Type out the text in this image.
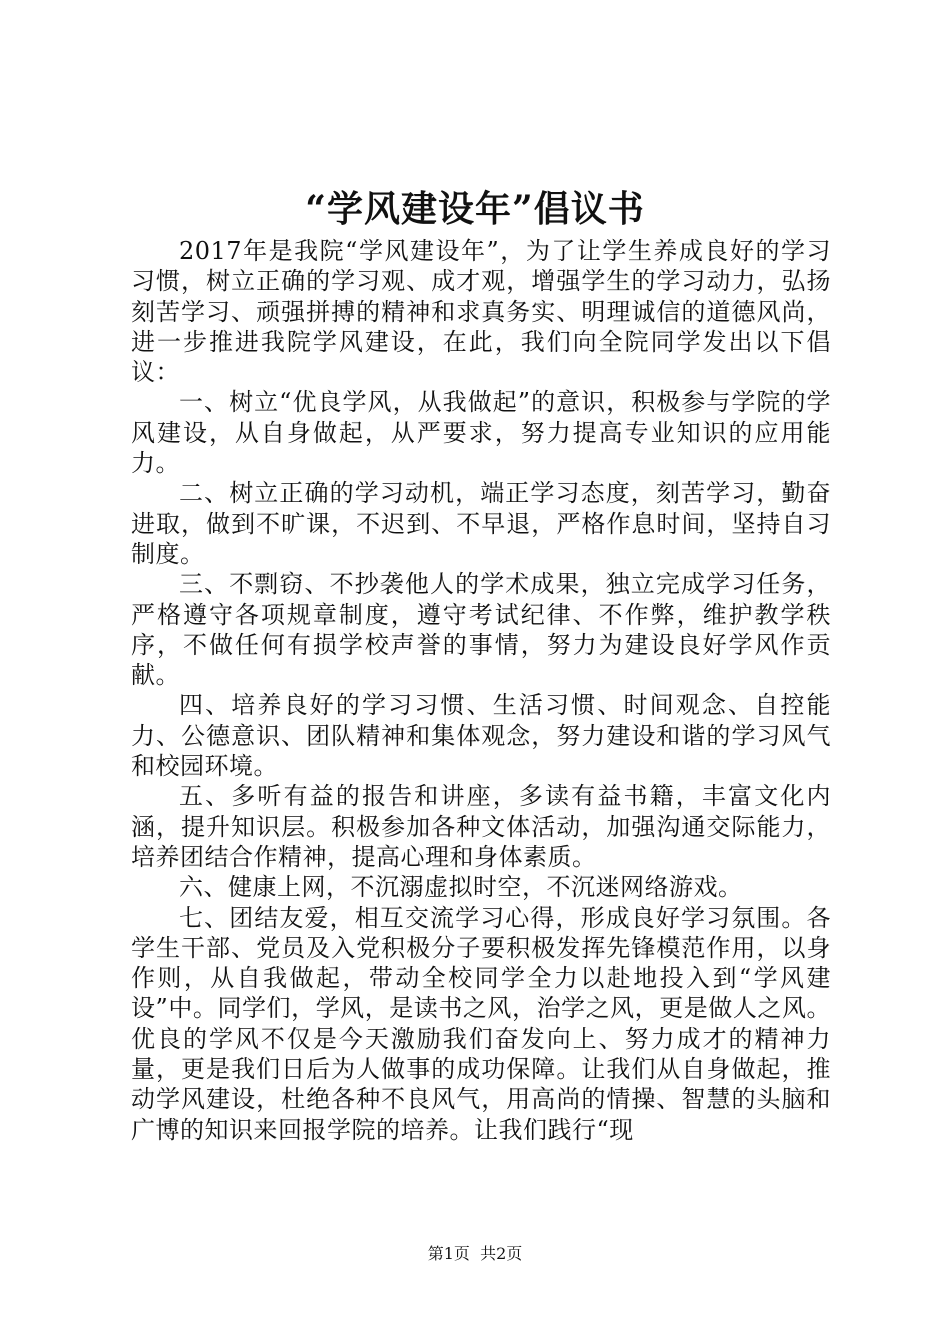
“学风建设年”倡议书

2017年是我院“学风建设年”，为了让学生养成良好的学习习惯，树立正确的学习观、成才观，增强学生的学习动力，弘扬刻苦学习、顽强拼搏的精神和求真务实、明理诚信的道德风尚，进一步推进我院学风建设，在此，我们向全院同学发出以下倡议：

一、树立“优良学风，从我做起”的意识，积极参与学院的学风建设，从自身做起，从严要求，努力提高专业知识的应用能力。

二、树立正确的学习动机，端正学习态度，刻苦学习，勤奋进取，做到不旷课，不迟到、不早退，严格作息时间，坚持自习制度。

三、不剽窃、不抄袭他人的学术成果，独立完成学习任务，严格遵守各项规章制度，遵守考试纪律、不作弊，维护教学秩序，不做任何有损学校声誉的事情，努力为建设良好学风作贡献。

四、培养良好的学习习惯、生活习惯、时间观念、自控能力、公德意识、团队精神和集体观念，努力建设和谐的学习风气和校园环境。

五、多听有益的报告和讲座，多读有益书籍，丰富文化内涵，提升知识层。积极参加各种文体活动，加强沟通交际能力，培养团结合作精神，提高心理和身体素质。

六、健康上网，不沉溺虚拟时空，不沉迷网络游戏。

七、团结友爱，相互交流学习心得，形成良好学习氛围。各学生干部、党员及入党积极分子要积极发挥先锋模范作用，以身作则，从自我做起，带动全校同学全力以赴地投入到“学风建设”中。同学们，学风，是读书之风，治学之风，更是做人之风。优良的学风不仅是今天激励我们奋发向上、努力成才的精神力量，更是我们日后为人做事的成功保障。让我们从自身做起，推动学风建设，杜绝各种不良风气，用高尚的情操、智慧的头脑和广博的知识来回报学院的培养。让我们践行“现

第1页  共2页
